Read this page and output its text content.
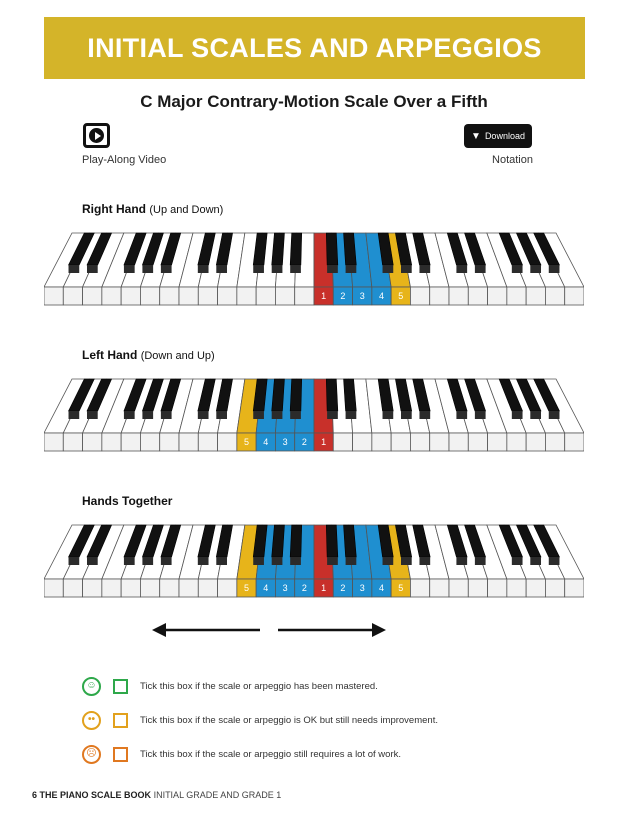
INITIAL SCALES AND ARPEGGIOS
C Major Contrary-Motion Scale Over a Fifth
Play-Along Video
▼ Download
Notation
Right Hand (Up and Down)
1 2 3 4 5
Left Hand (Down and Up)
5 4 3 2 1
Hands Together
5 4 3 2 1 2 3 4 5
☺	Tick this box if the scale or arpeggio has been mastered.
••	Tick this box if the scale or arpeggio is OK but still needs improvement.
☹	Tick this box if the scale or arpeggio still requires a lot of work.
6 THE PIANO SCALE BOOK INITIAL GRADE AND GRADE 1
